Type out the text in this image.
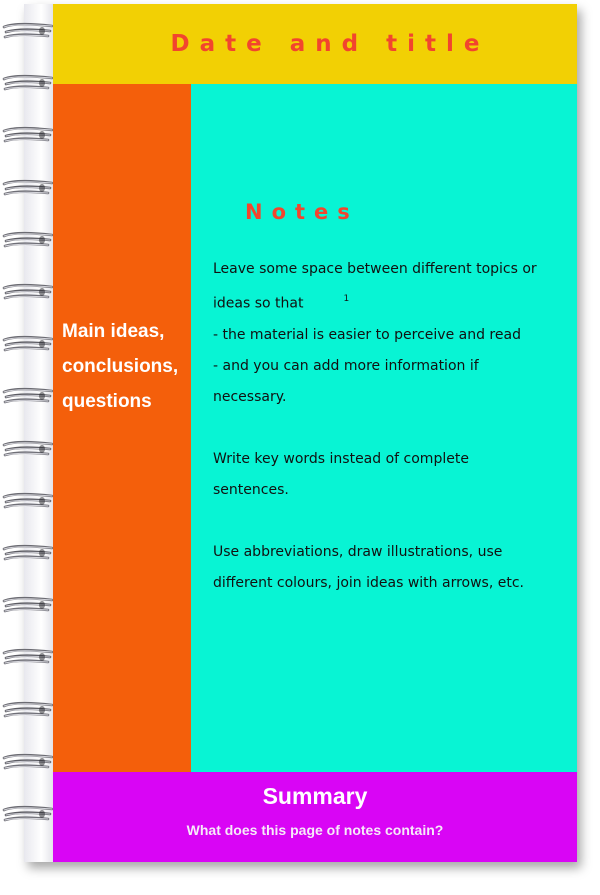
Date and title
Main ideas,
conclusions,
questions
Notes

Leave some space between different topics or

ideas so that	$^1$

- the material is easier to perceive and read

- and you can add more information if

necessary.

Write key words instead of complete

sentences.

Use abbreviations, draw illustrations, use

different colours, join ideas with arrows, etc.

Summary
What does this page of notes contain?
